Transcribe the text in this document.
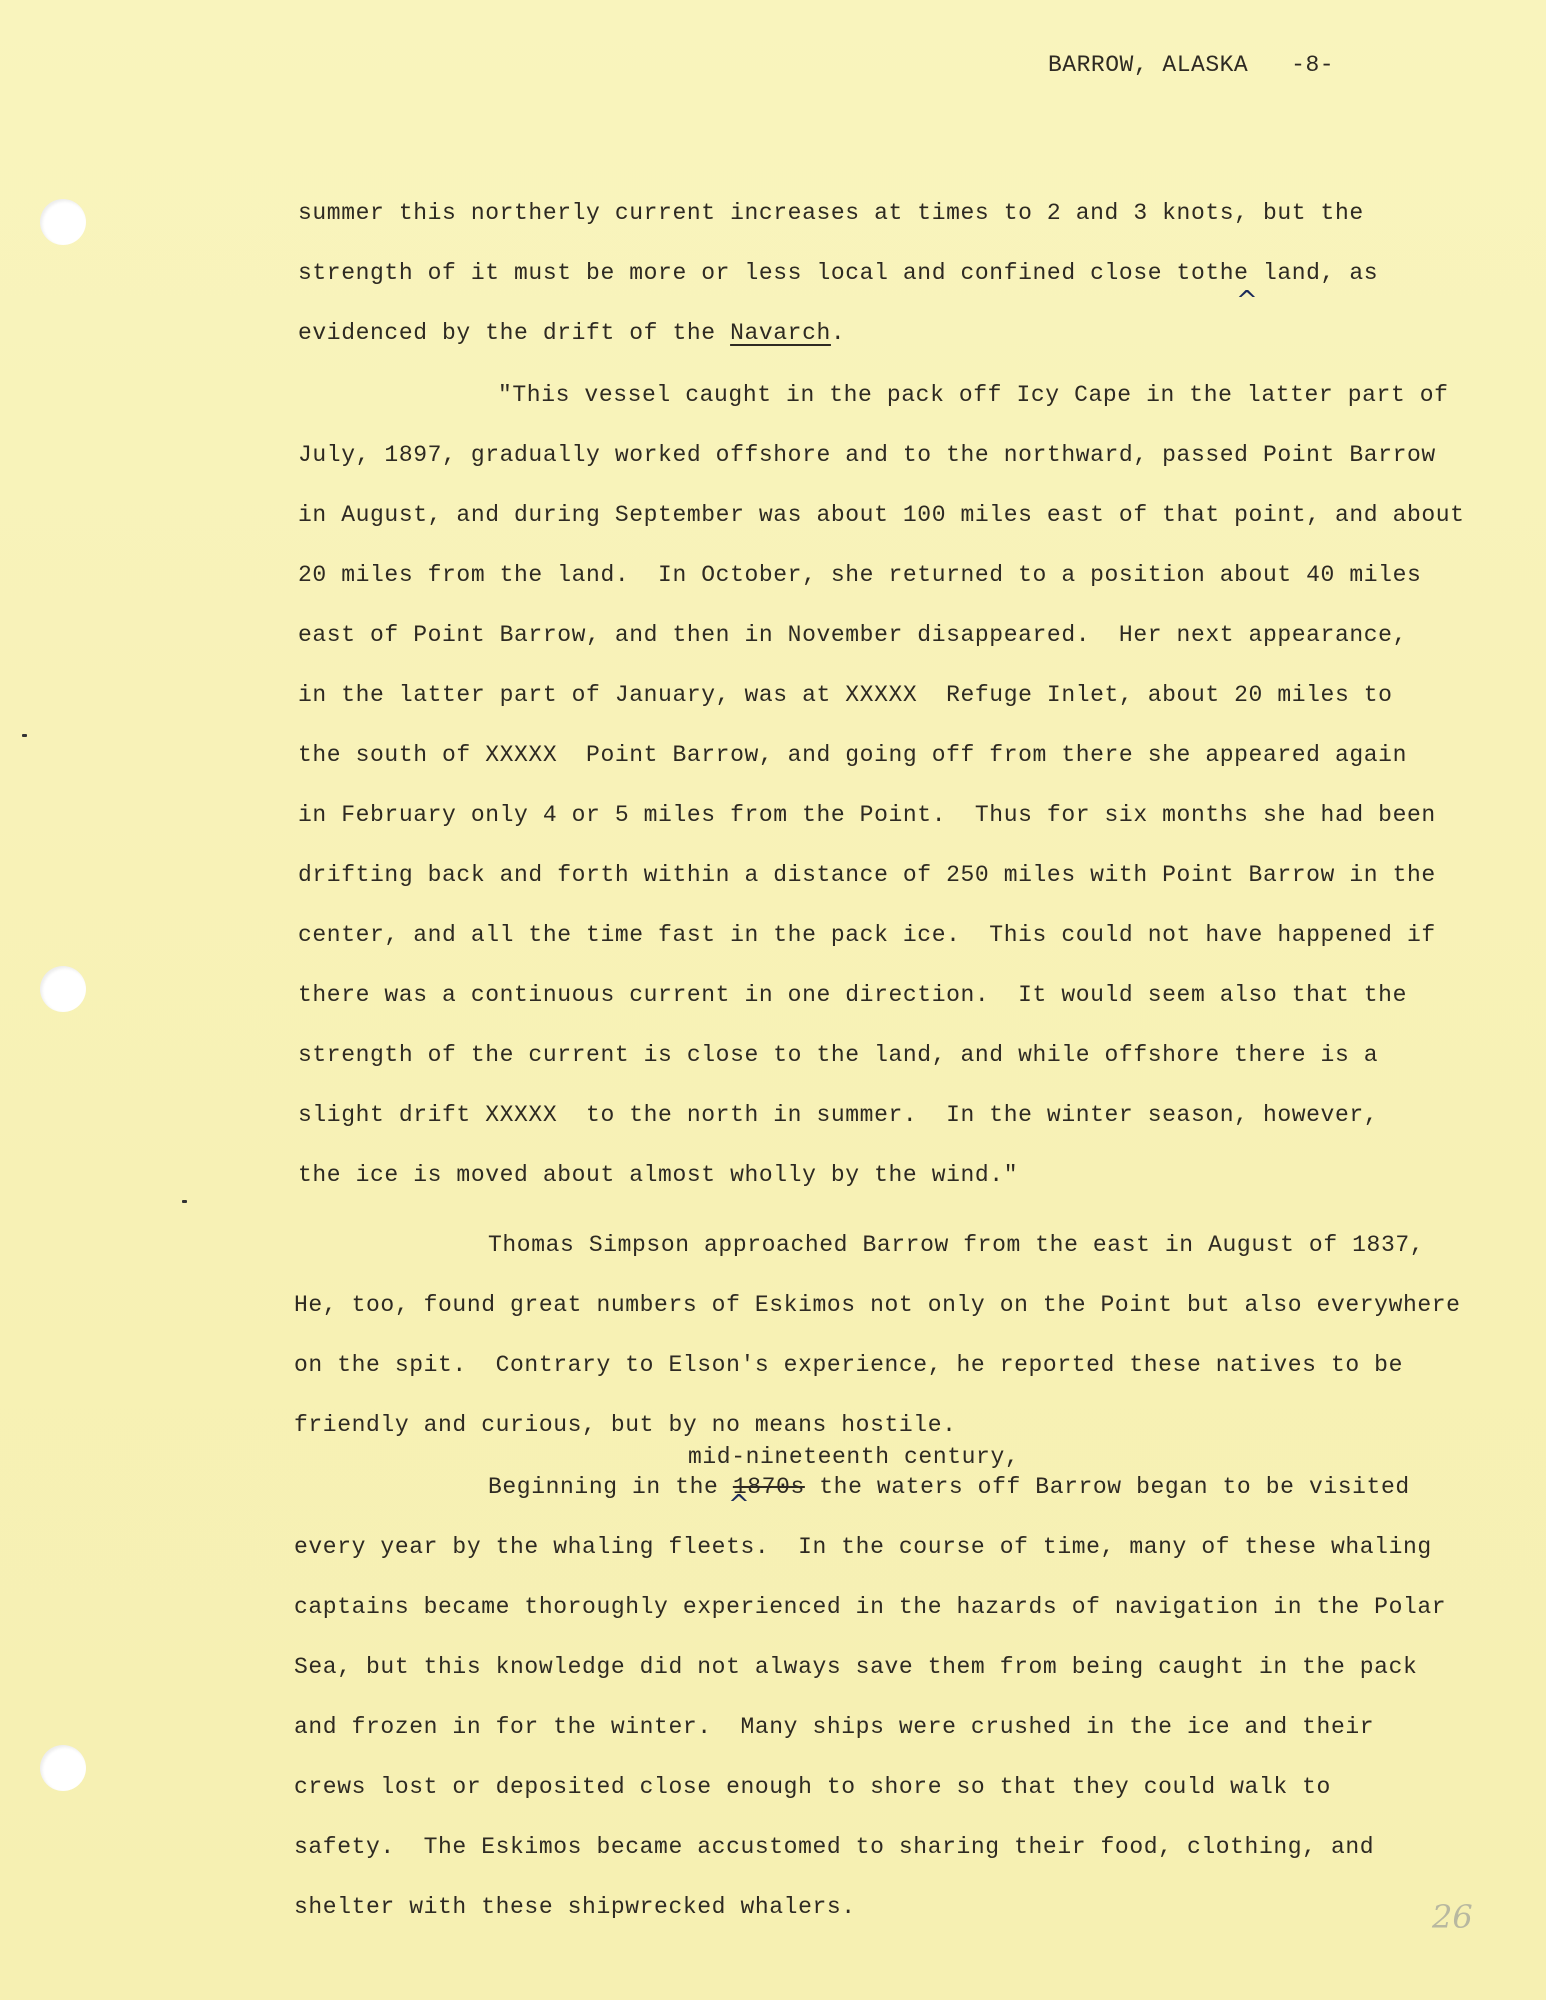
BARROW, ALASKA -8-
summer this northerly current increases at times to 2 and 3 knots, but the
strength of it must be more or less local and confined close tothe land, as
^
evidenced by the drift of the Navarch.
"This vessel caught in the pack off Icy Cape in the latter part of
July, 1897, gradually worked offshore and to the northward, passed Point Barrow
in August, and during September was about 100 miles east of that point, and about
20 miles from the land.  In October, she returned to a position about 40 miles
east of Point Barrow, and then in November disappeared.  Her next appearance,
in the latter part of January, was at XXXXX  Refuge Inlet, about 20 miles to
the south of XXXXX  Point Barrow, and going off from there she appeared again
in February only 4 or 5 miles from the Point.  Thus for six months she had been
drifting back and forth within a distance of 250 miles with Point Barrow in the
center, and all the time fast in the pack ice.  This could not have happened if
there was a continuous current in one direction.  It would seem also that the
strength of the current is close to the land, and while offshore there is a
slight drift XXXXX  to the north in summer.  In the winter season, however,
the ice is moved about almost wholly by the wind."
Thomas Simpson approached Barrow from the east in August of 1837,
He, too, found great numbers of Eskimos not only on the Point but also everywhere
on the spit.  Contrary to Elson's experience, he reported these natives to be
friendly and curious, but by no means hostile.
mid-nineteenth century,
Beginning in the 1870s the waters off Barrow began to be visited
^
every year by the whaling fleets.  In the course of time, many of these whaling
captains became thoroughly experienced in the hazards of navigation in the Polar
Sea, but this knowledge did not always save them from being caught in the pack
and frozen in for the winter.  Many ships were crushed in the ice and their
crews lost or deposited close enough to shore so that they could walk to
safety.  The Eskimos became accustomed to sharing their food, clothing, and
shelter with these shipwrecked whalers.	26
